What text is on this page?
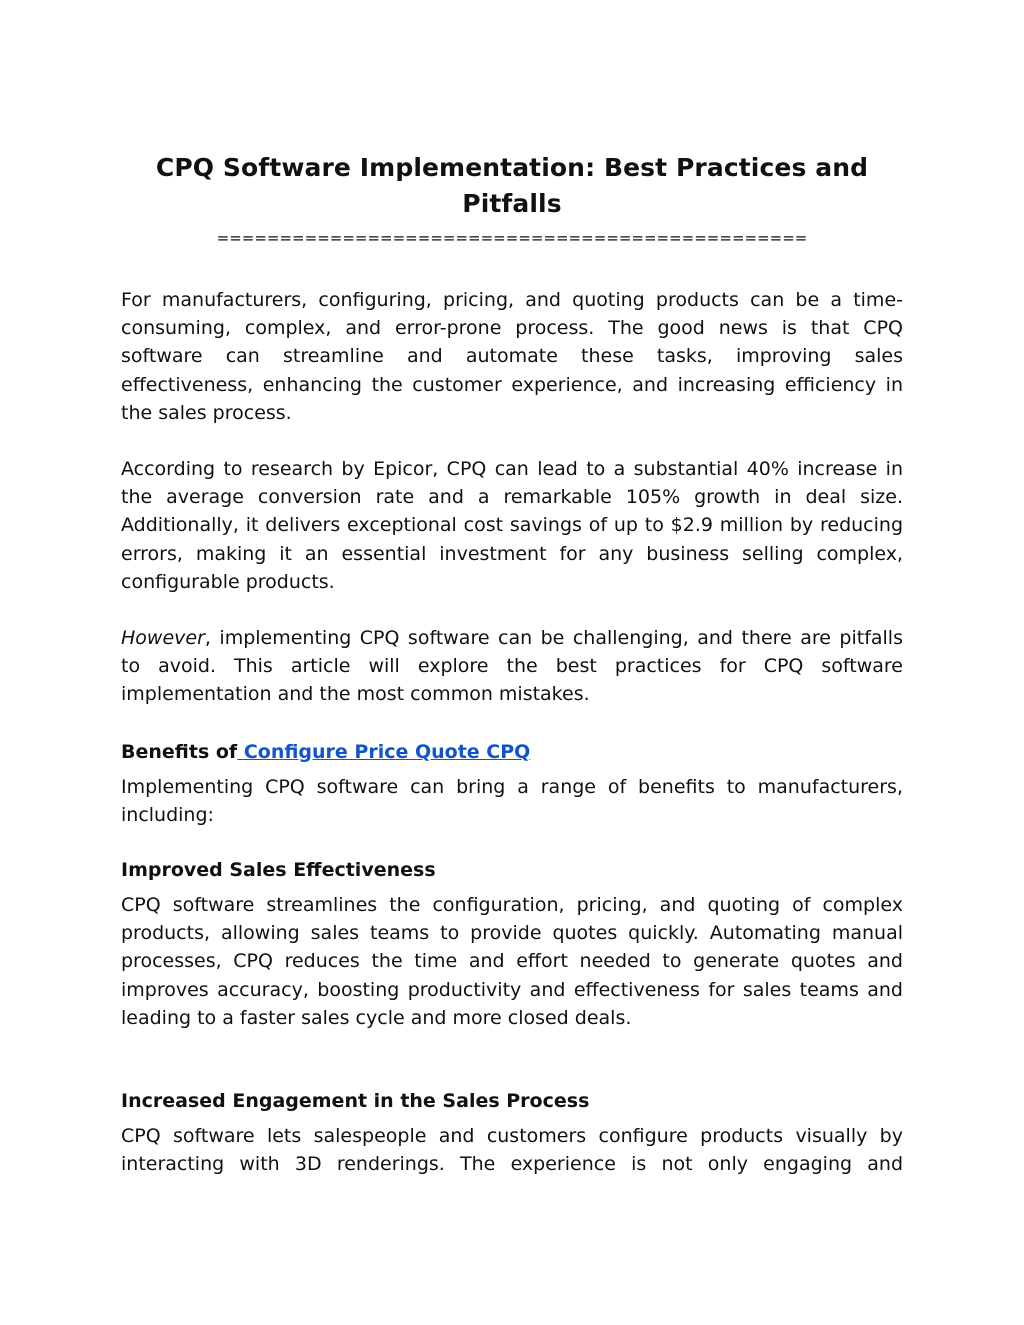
CPQ Software Implementation: Best Practices and Pitfalls
===============================================

For manufacturers, configuring, pricing, and quoting products can be a time-consuming, complex, and error-prone process. The good news is that CPQ software can streamline and automate these tasks, improving sales effectiveness, enhancing the customer experience, and increasing efficiency in the sales process.

According to research by Epicor, CPQ can lead to a substantial 40% increase in the average conversion rate and a remarkable 105% growth in deal size. Additionally, it delivers exceptional cost savings of up to $2.9 million by reducing errors, making it an essential investment for any business selling complex, configurable products.

However, implementing CPQ software can be challenging, and there are pitfalls to avoid. This article will explore the best practices for CPQ software implementation and the most common mistakes.

Benefits of Configure Price Quote CPQ

Implementing CPQ software can bring a range of benefits to manufacturers, including:

Improved Sales Effectiveness

CPQ software streamlines the configuration, pricing, and quoting of complex products, allowing sales teams to provide quotes quickly. Automating manual processes, CPQ reduces the time and effort needed to generate quotes and improves accuracy, boosting productivity and effectiveness for sales teams and leading to a faster sales cycle and more closed deals.

Increased Engagement in the Sales Process

CPQ software lets salespeople and customers configure products visually by interacting with 3D renderings. The experience is not only engaging and
